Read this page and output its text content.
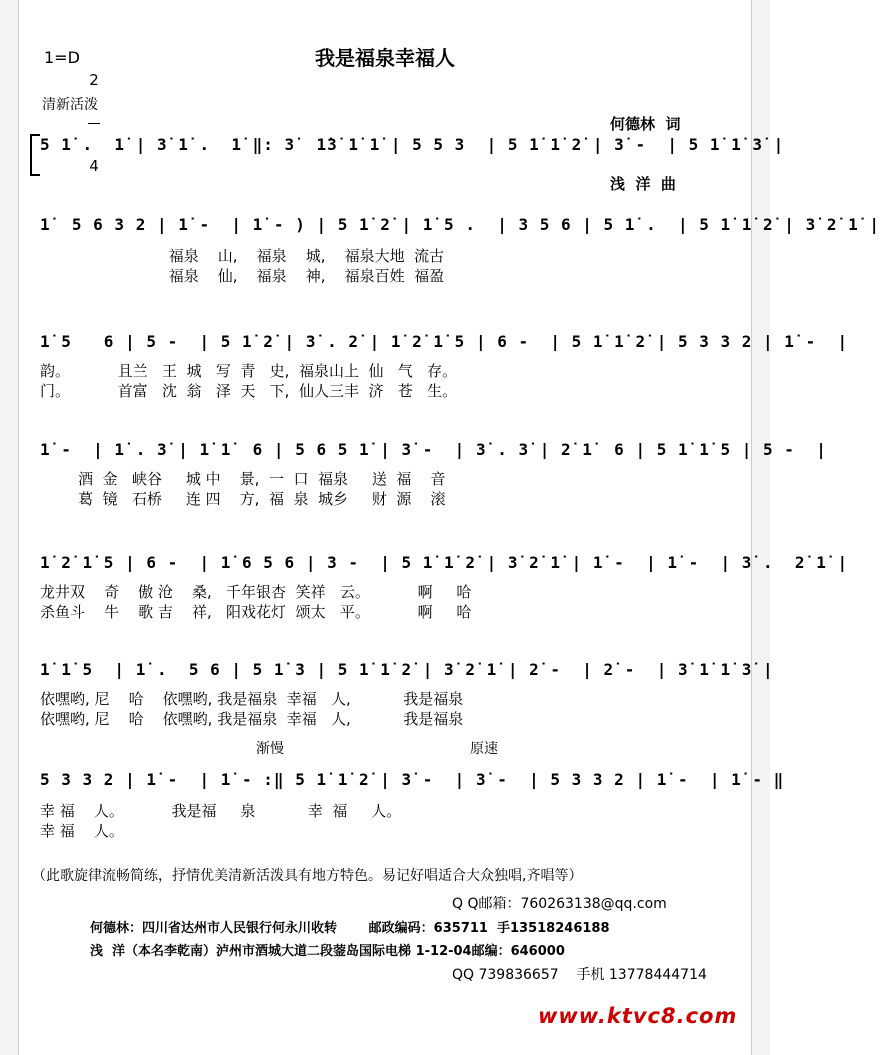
1=D

2

4

我是福泉幸福人
清新活泼

何德林  词

浅  洋  曲

5 1̇ .  1̇ | 3̇ 1̇ .  1̇ ‖: 3̇  1̇3̇ 1̇ 1̇ | 5 5 3  | 5 1̇ 1̇ 2̇ | 3̇ -  | 5 1̇ 1̇ 3̇ |
1̇  5 6 3 2 | 1̇ -  | 1̇ - ) | 5 1̇ 2̇ | 1̇ 5 .  | 3 5 6 | 5 1̇ .  | 5 1̇ 1̇ 2̇ | 3̇ 2̇ 1̇ |
福泉    山,    福泉    城,    福泉大地  流古
福泉    仙,    福泉    神,    福泉百姓  福盈
1̇ 5   6 | 5 -  | 5 1̇ 2̇ | 3̇ . 2̇ | 1̇ 2̇ 1̇ 5 | 6 -  | 5 1̇ 1̇ 2̇ | 5 3 3 2 | 1̇ -  |
韵。          且兰   王  城   写  青   史,  福泉山上  仙   气   存。
门。          首富   沈  翁   泽  天   下,  仙人三丰  济   苍   生。
1̇ -  | 1̇ . 3̇ | 1̇ 1̇  6 | 5 6 5 1̇ | 3̇ -  | 3̇ . 3̇ | 2̇ 1̇  6 | 5 1̇ 1̇ 5 | 5 -  |
酒  金   峡谷     城 中    景,  一  口  福泉     送  福    音
葛  镜   石桥     连 四    方,  福  泉  城乡     财  源    滚
1̇ 2̇ 1̇ 5 | 6 -  | 1̇ 6 5 6 | 3 -  | 5 1̇ 1̇ 2̇ | 3̇ 2̇ 1̇ | 1̇ -  | 1̇ -  | 3̇ .  2̇ 1̇ |
龙井双    奇    傲 沧    桑,   千年银杏  笑祥   云。          啊     哈
杀鱼斗    牛    歌 吉    祥,   阳戏花灯  颂太   平。          啊     哈
1̇ 1̇ 5  | 1̇ .  5 6 | 5 1̇ 3 | 5 1̇ 1̇ 2̇ | 3̇ 2̇ 1̇ | 2̇ -  | 2̇ -  | 3̇ 1̇ 1̇ 3̇ |
依嘿哟, 尼    哈    依嘿哟, 我是福泉  幸福   人,           我是福泉
依嘿哟, 尼    哈    依嘿哟, 我是福泉  幸福   人,           我是福泉
渐慢	原速
5 3 3 2 | 1̇ -  | 1̇ - :‖ 5 1̇ 1̇ 2̇ | 3̇ -  | 3̇ -  | 5 3 3 2 | 1̇ -  | 1̇ - ‖
幸 福    人。          我是福     泉           幸  福     人。
幸 福    人。
（此歌旋律流畅简练，抒情优美清新活泼具有地方特色。易记好唱适合大众独唱,齐唱等）
Q Q邮箱：760263138@qq.com
何德林：四川省达州市人民银行何永川收转       邮政编码：635711  手13518246188
浅  洋（本名李乾南）泸州市酒城大道二段蓥岛国际电梯 1-12-04邮编：646000
QQ 739836657    手机 13778444714
www.ktvc8.com
